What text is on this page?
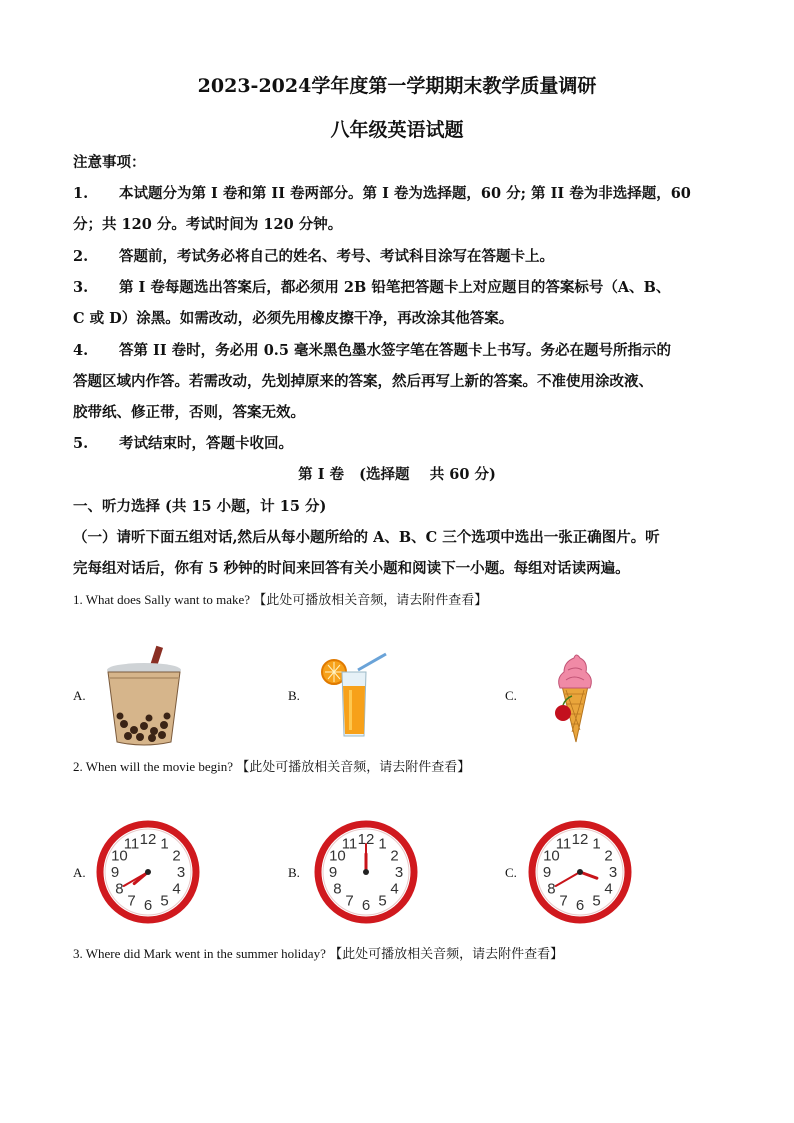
2023-2024学年度第一学期期末教学质量调研
八年级英语试题
注意事项：
1. 本试题分为第 I 卷和第 II 卷两部分。第 I 卷为选择题，60 分; 第 II 卷为非选择题，60
分；共 120 分。考试时间为 120 分钟。
2. 答题前，考试务必将自己的姓名、考号、考试科目涂写在答题卡上。
3. 第 I 卷每题选出答案后，都必须用 2B 铅笔把答题卡上对应题目的答案标号（A、B、
C 或 D）涂黑。如需改动，必须先用橡皮擦干净，再改涂其他答案。
4. 答第 II 卷时，务必用 0.5 毫米黑色墨水签字笔在答题卡上书写。务必在题号所指示的
答题区域内作答。若需改动，先划掉原来的答案，然后再写上新的答案。不准使用涂改液、
胶带纸、修正带，否则，答案无效。
5. 考试结束时，答题卡收回。
第 I 卷   (选择题    共 60 分)
一、听力选择 (共 15 小题，计 15 分)
（一）请听下面五组对话,然后从每小题所给的 A、B、C 三个选项中选出一张正确图片。听
完每组对话后，你有 5 秒钟的时间来回答有关小题和阅读下一小题。每组对话读两遍。
1. What does Sally want to make? 【此处可播放相关音频，请去附件查看】
A.	B.	C.
2. When will the movie begin? 【此处可播放相关音频，请去附件查看】
A.
12 1
2
3
4
5
6
7
8
9
10
11
B.
12 1
2
3
4
5
6
7
8
9
10
11
C.
12 1
2
3
4
5
6
7
8
9
10
11
3. Where did Mark went in the summer holiday? 【此处可播放相关音频，请去附件查看】
